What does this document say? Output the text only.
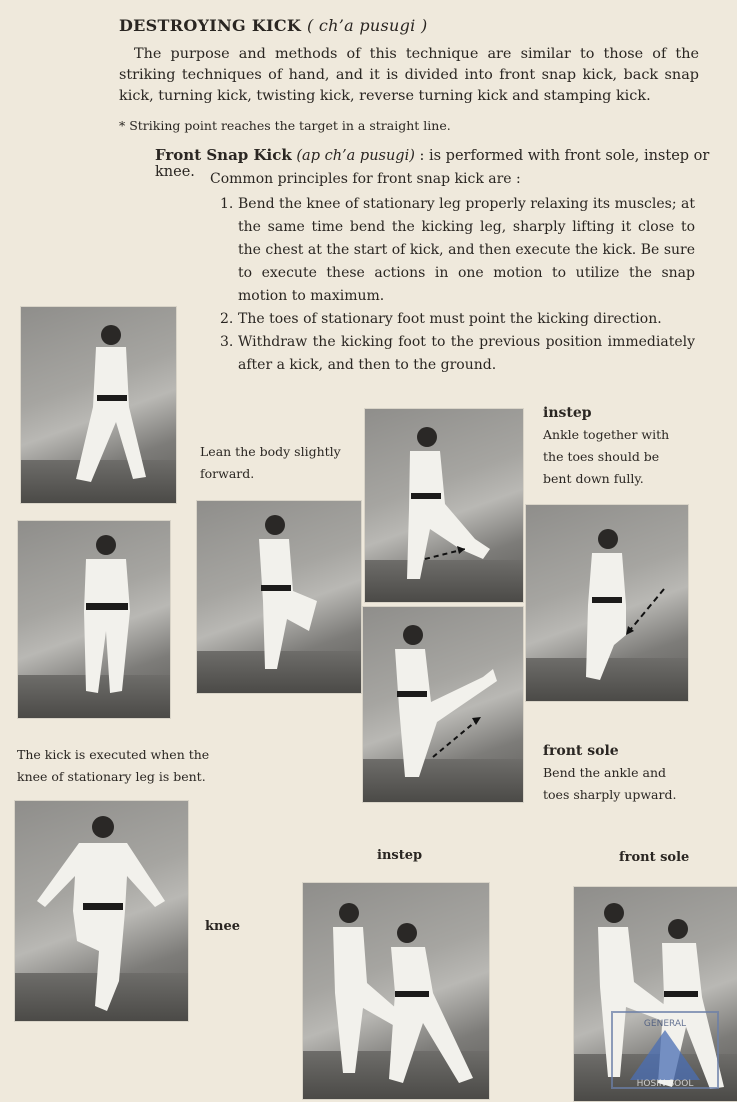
DESTROYING KICK ( ch’a pusugi )
The purpose and methods of this technique are similar to those of the striking techniques of hand, and it is divided into front snap kick, back snap kick, turning kick, twisting kick, reverse turning kick and stamping kick.
* Striking point reaches the target in a straight line.
Front Snap Kick (ap ch’a pusugi) : is performed with front sole, instep or knee.	Common principles for front snap kick are :
1. Bend the knee of stationary leg properly relaxing its muscles; at the same time bend the kicking leg, sharply lifting it close to the chest at the start of kick, and then execute the kick. Be sure to execute these actions in one motion to utilize the snap motion to maximum.
2. The toes of stationary foot must point the kicking direction.
3. Withdraw the kicking foot to the previous position immediately after a kick, and then to the ground.
Lean the body slightly
forward.
instep
Ankle together with
the toes should be
bent down fully.
The kick is executed when the
knee of stationary leg is bent.
front sole
Bend the ankle and
toes sharply upward.
knee
instep	front sole
GENERAL
HOSIN SOOL
